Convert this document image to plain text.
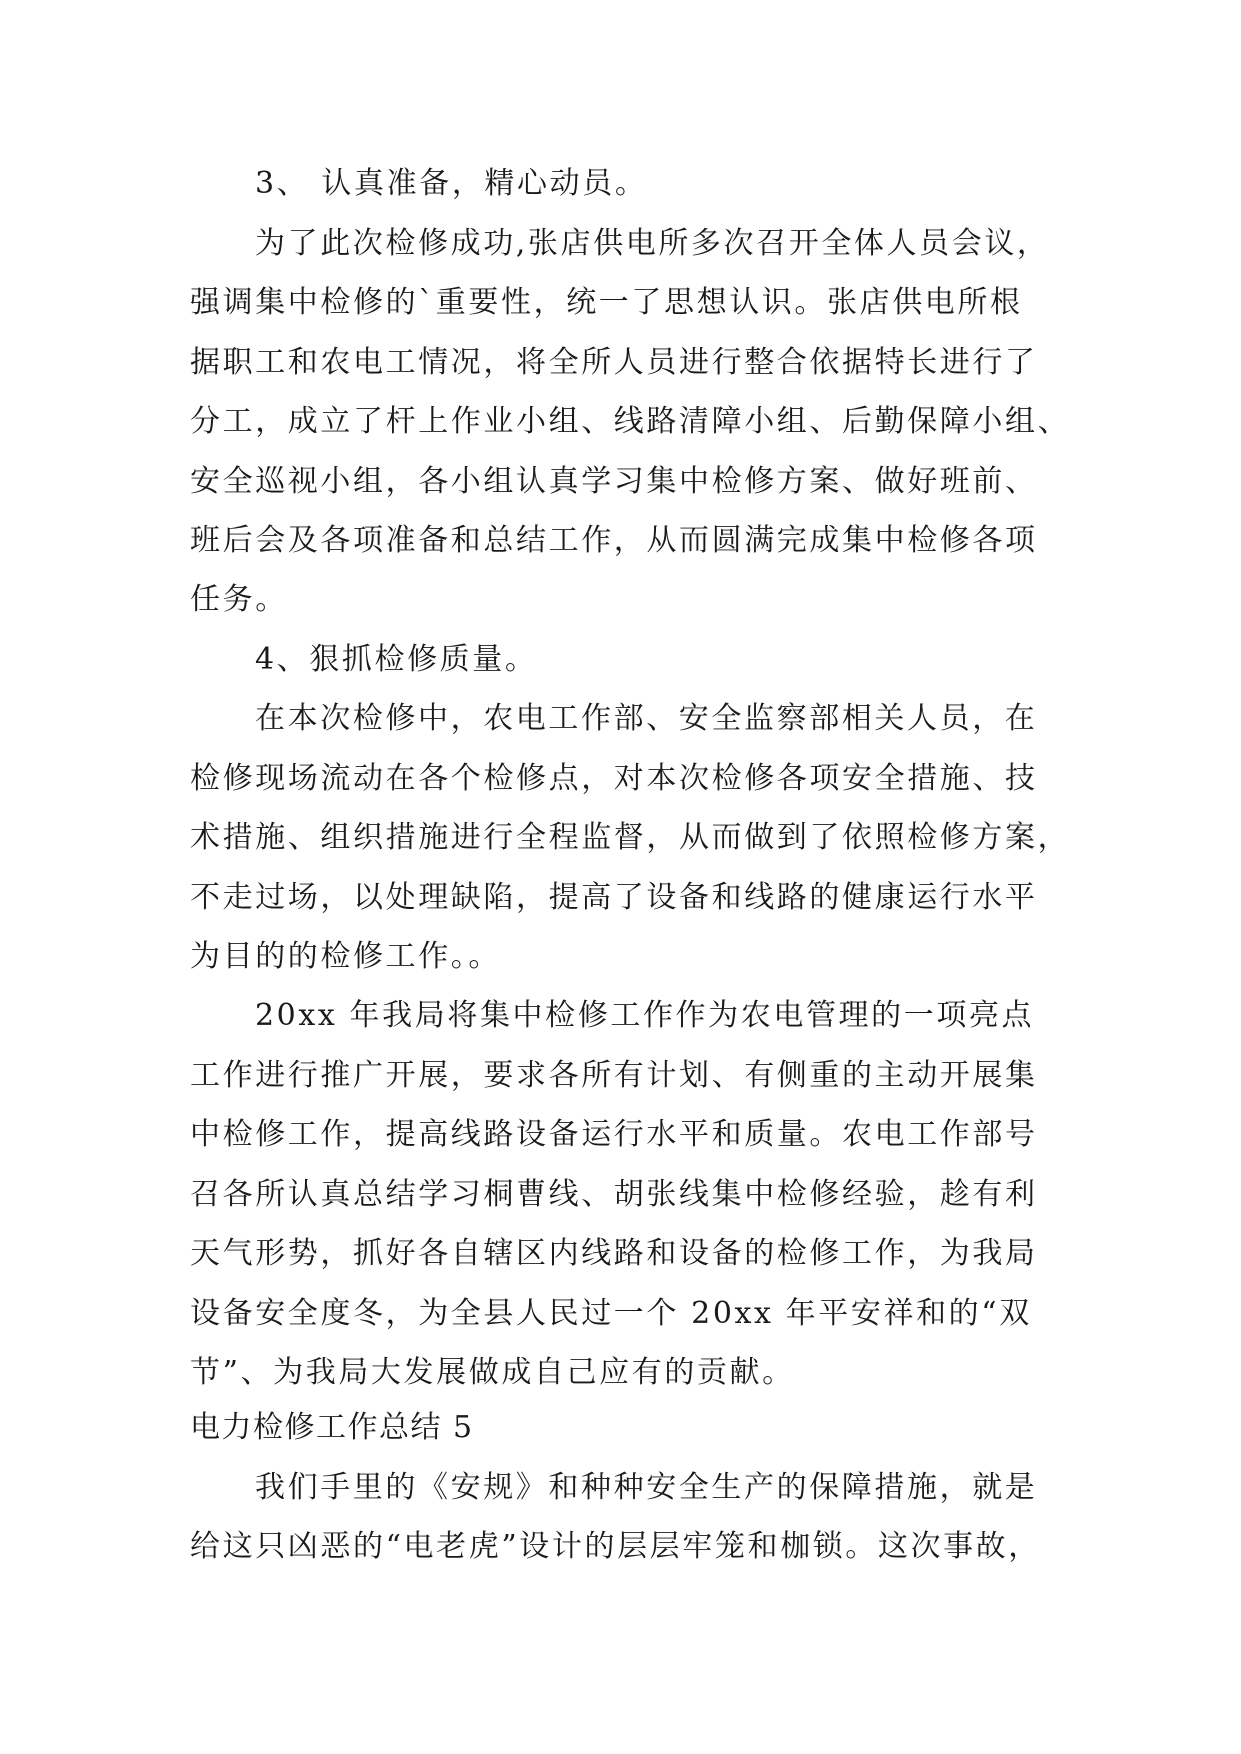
3、 认真准备，精心动员。
为了此次检修成功,张店供电所多次召开全体人员会议，
强调集中检修的`重要性，统一了思想认识。张店供电所根
据职工和农电工情况，将全所人员进行整合依据特长进行了
分工，成立了杆上作业小组、线路清障小组、后勤保障小组、
安全巡视小组，各小组认真学习集中检修方案、做好班前、
班后会及各项准备和总结工作，从而圆满完成集中检修各项
任务。
4、狠抓检修质量。
在本次检修中，农电工作部、安全监察部相关人员，在
检修现场流动在各个检修点，对本次检修各项安全措施、技
术措施、组织措施进行全程监督，从而做到了依照检修方案，
不走过场，以处理缺陷，提高了设备和线路的健康运行水平
为目的的检修工作。。
20xx 年我局将集中检修工作作为农电管理的一项亮点
工作进行推广开展，要求各所有计划、有侧重的主动开展集
中检修工作，提高线路设备运行水平和质量。农电工作部号
召各所认真总结学习桐曹线、胡张线集中检修经验，趁有利
天气形势，抓好各自辖区内线路和设备的检修工作，为我局
设备安全度冬，为全县人民过一个 20xx 年平安祥和的“双
节”、为我局大发展做成自己应有的贡献。
电力检修工作总结 5
我们手里的《安规》和种种安全生产的保障措施，就是
给这只凶恶的“电老虎”设计的层层牢笼和枷锁。这次事故，
